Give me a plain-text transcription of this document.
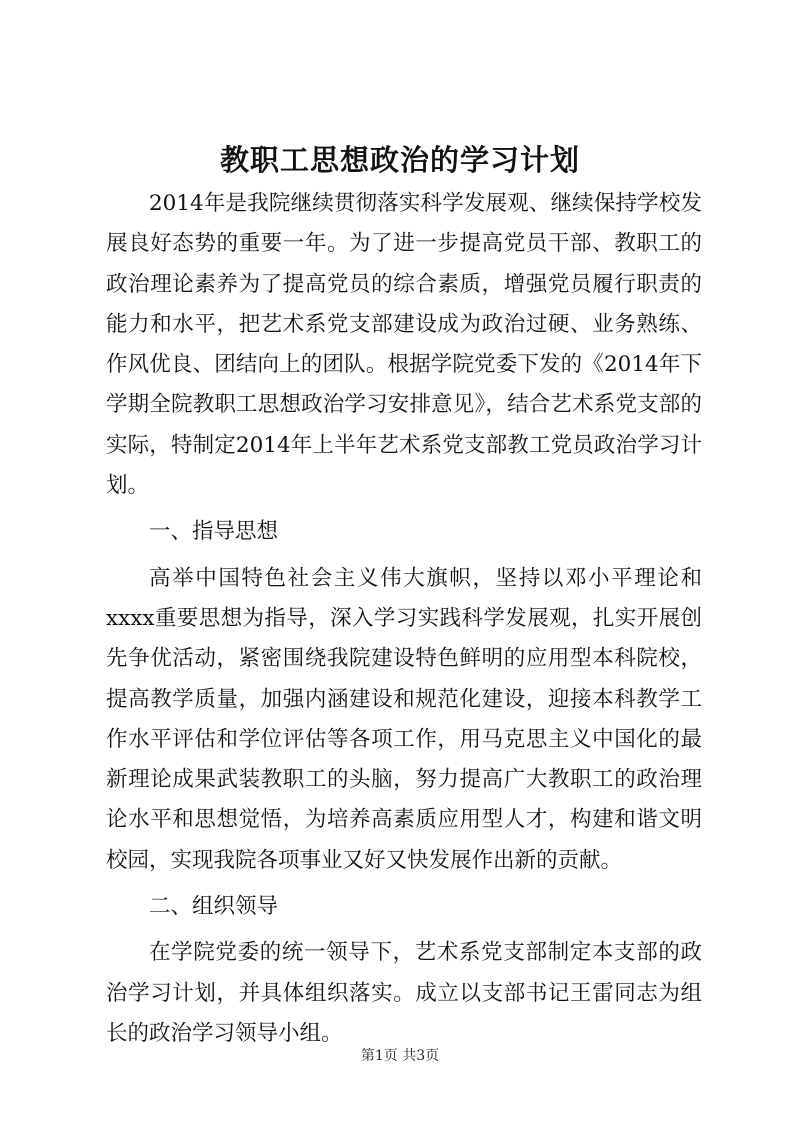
教职工思想政治的学习计划

2014年是我院继续贯彻落实科学发展观、继续保持学校发展良好态势的重要一年。为了进一步提高党员干部、教职工的政治理论素养为了提高党员的综合素质，增强党员履行职责的能力和水平，把艺术系党支部建设成为政治过硬、业务熟练、作风优良、团结向上的团队。根据学院党委下发的《2014年下学期全院教职工思想政治学习安排意见》，结合艺术系党支部的实际，特制定2014年上半年艺术系党支部教工党员政治学习计划。

一、指导思想

高举中国特色社会主义伟大旗帜，坚持以邓小平理论和xxxx重要思想为指导，深入学习实践科学发展观，扎实开展创先争优活动，紧密围绕我院建设特色鲜明的应用型本科院校，提高教学质量，加强内涵建设和规范化建设，迎接本科教学工作水平评估和学位评估等各项工作，用马克思主义中国化的最新理论成果武装教职工的头脑，努力提高广大教职工的政治理论水平和思想觉悟，为培养高素质应用型人才，构建和谐文明校园，实现我院各项事业又好又快发展作出新的贡献。

二、组织领导

在学院党委的统一领导下，艺术系党支部制定本支部的政治学习计划，并具体组织落实。成立以支部书记王雷同志为组长的政治学习领导小组。

第1页 共3页
